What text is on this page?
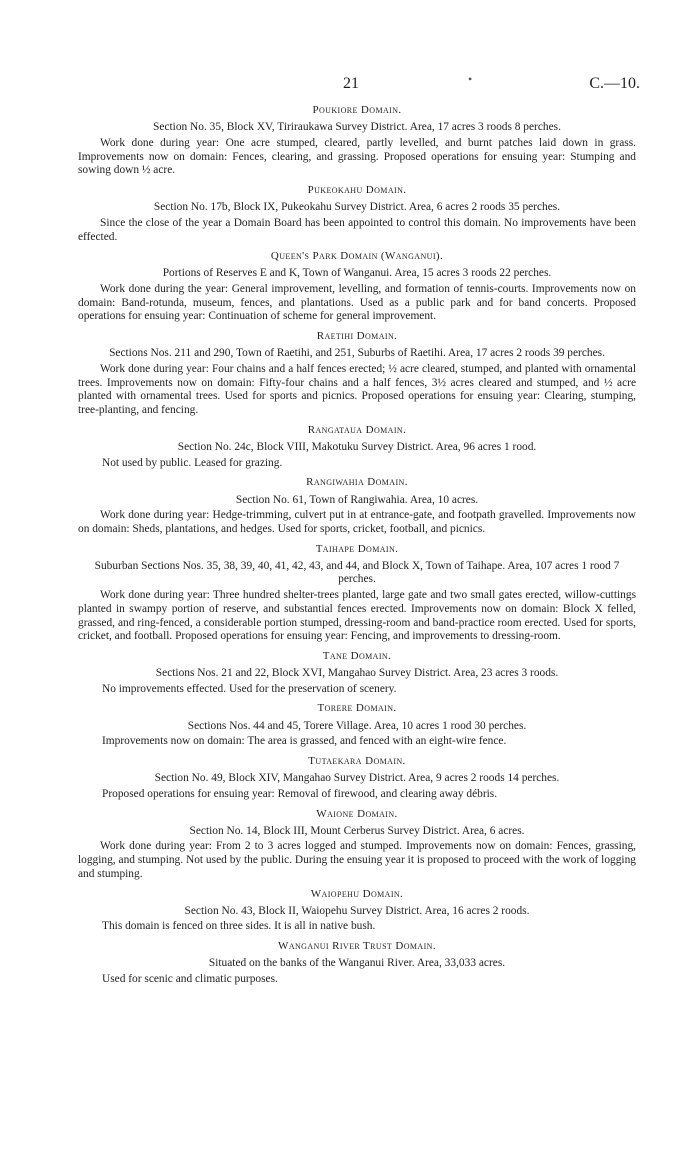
21	•	C.—10.
Poukiore Domain.
Section No. 35, Block XV, Tiriraukawa Survey District. Area, 17 acres 3 roods 8 perches.
Work done during year: One acre stumped, cleared, partly levelled, and burnt patches laid down in grass. Improvements now on domain: Fences, clearing, and grassing. Proposed operations for ensuing year: Stumping and sowing down ½ acre.
Pukeokahu Domain.
Section No. 17b, Block IX, Pukeokahu Survey District. Area, 6 acres 2 roods 35 perches.
Since the close of the year a Domain Board has been appointed to control this domain. No improvements have been effected.
Queen's Park Domain (Wanganui).
Portions of Reserves E and K, Town of Wanganui. Area, 15 acres 3 roods 22 perches.
Work done during the year: General improvement, levelling, and formation of tennis-courts. Improvements now on domain: Band-rotunda, museum, fences, and plantations. Used as a public park and for band concerts. Proposed operations for ensuing year: Continuation of scheme for general improvement.
Raetihi Domain.
Sections Nos. 211 and 290, Town of Raetihi, and 251, Suburbs of Raetihi. Area, 17 acres 2 roods 39 perches.
Work done during year: Four chains and a half fences erected; ½ acre cleared, stumped, and planted with ornamental trees. Improvements now on domain: Fifty-four chains and a half fences, 3½ acres cleared and stumped, and ½ acre planted with ornamental trees. Used for sports and picnics. Proposed operations for ensuing year: Clearing, stumping, tree-planting, and fencing.
Rangataua Domain.
Section No. 24c, Block VIII, Makotuku Survey District. Area, 96 acres 1 rood.
Not used by public. Leased for grazing.
Rangiwahia Domain.
Section No. 61, Town of Rangiwahia. Area, 10 acres.
Work done during year: Hedge-trimming, culvert put in at entrance-gate, and footpath gravelled. Improvements now on domain: Sheds, plantations, and hedges. Used for sports, cricket, football, and picnics.
Taihape Domain.
Suburban Sections Nos. 35, 38, 39, 40, 41, 42, 43, and 44, and Block X, Town of Taihape. Area, 107 acres 1 rood 7 perches.
Work done during year: Three hundred shelter-trees planted, large gate and two small gates erected, willow-cuttings planted in swampy portion of reserve, and substantial fences erected. Improvements now on domain: Block X felled, grassed, and ring-fenced, a considerable portion stumped, dressing-room and band-practice room erected. Used for sports, cricket, and football. Proposed operations for ensuing year: Fencing, and improvements to dressing-room.
Tane Domain.
Sections Nos. 21 and 22, Block XVI, Mangahao Survey District. Area, 23 acres 3 roods.
No improvements effected. Used for the preservation of scenery.
Torere Domain.
Sections Nos. 44 and 45, Torere Village. Area, 10 acres 1 rood 30 perches.
Improvements now on domain: The area is grassed, and fenced with an eight-wire fence.
Tutaekara Domain.
Section No. 49, Block XIV, Mangahao Survey District. Area, 9 acres 2 roods 14 perches.
Proposed operations for ensuing year: Removal of firewood, and clearing away débris.
Waione Domain.
Section No. 14, Block III, Mount Cerberus Survey District. Area, 6 acres.
Work done during year: From 2 to 3 acres logged and stumped. Improvements now on domain: Fences, grassing, logging, and stumping. Not used by the public. During the ensuing year it is proposed to proceed with the work of logging and stumping.
Waiopehu Domain.
Section No. 43, Block II, Waiopehu Survey District. Area, 16 acres 2 roods.
This domain is fenced on three sides. It is all in native bush.
Wanganui River Trust Domain.
Situated on the banks of the Wanganui River. Area, 33,033 acres.
Used for scenic and climatic purposes.
